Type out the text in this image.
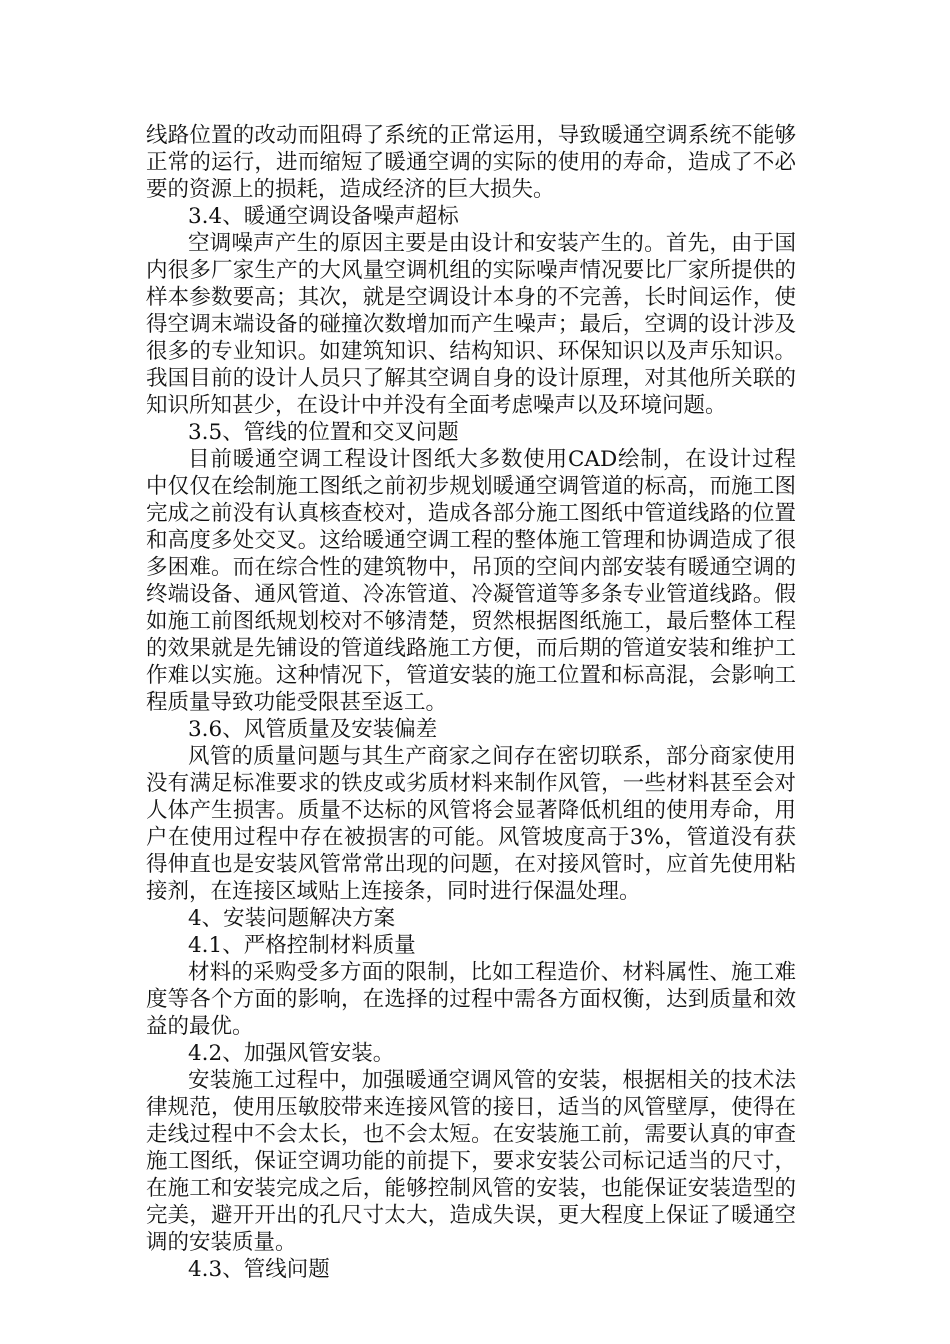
线路位置的改动而阻碍了系统的正常运用，导致暖通空调系统不能够正常的运行，进而缩短了暖通空调的实际的使用的寿命，造成了不必要的资源上的损耗，造成经济的巨大损失。

3.4、暖通空调设备噪声超标

空调噪声产生的原因主要是由设计和安装产生的。首先，由于国内很多厂家生产的大风量空调机组的实际噪声情况要比厂家所提供的样本参数要高；其次，就是空调设计本身的不完善，长时间运作，使得空调末端设备的碰撞次数增加而产生噪声；最后，空调的设计涉及很多的专业知识。如建筑知识、结构知识、环保知识以及声乐知识。我国目前的设计人员只了解其空调自身的设计原理，对其他所关联的知识所知甚少，在设计中并没有全面考虑噪声以及环境问题。

3.5、管线的位置和交叉问题

目前暖通空调工程设计图纸大多数使用CAD绘制，在设计过程中仅仅在绘制施工图纸之前初步规划暖通空调管道的标高，而施工图完成之前没有认真核查校对，造成各部分施工图纸中管道线路的位置和高度多处交叉。这给暖通空调工程的整体施工管理和协调造成了很多困难。而在综合性的建筑物中，吊顶的空间内部安装有暖通空调的终端设备、通风管道、冷冻管道、冷凝管道等多条专业管道线路。假如施工前图纸规划校对不够清楚，贸然根据图纸施工，最后整体工程的效果就是先铺设的管道线路施工方便，而后期的管道安装和维护工作难以实施。这种情况下，管道安装的施工位置和标高混，会影响工程质量导致功能受限甚至返工。

3.6、风管质量及安装偏差

风管的质量问题与其生产商家之间存在密切联系，部分商家使用没有满足标准要求的铁皮或劣质材料来制作风管，一些材料甚至会对人体产生损害。质量不达标的风管将会显著降低机组的使用寿命，用户在使用过程中存在被损害的可能。风管坡度高于3%，管道没有获得伸直也是安装风管常常出现的问题，在对接风管时，应首先使用粘接剂，在连接区域贴上连接条，同时进行保温处理。

4、安装问题解决方案

4.1、严格控制材料质量

材料的采购受多方面的限制，比如工程造价、材料属性、施工难度等各个方面的影响，在选择的过程中需各方面权衡，达到质量和效益的最优。

4.2、加强风管安装。

安装施工过程中，加强暖通空调风管的安装，根据相关的技术法律规范，使用压敏胶带来连接风管的接日，适当的风管壁厚，使得在走线过程中不会太长，也不会太短。在安装施工前，需要认真的审查施工图纸，保证空调功能的前提下，要求安装公司标记适当的尺寸，在施工和安装完成之后，能够控制风管的安装，也能保证安装造型的完美，避开开出的孔尺寸太大，造成失误，更大程度上保证了暖通空调的安装质量。

4.3、管线问题
